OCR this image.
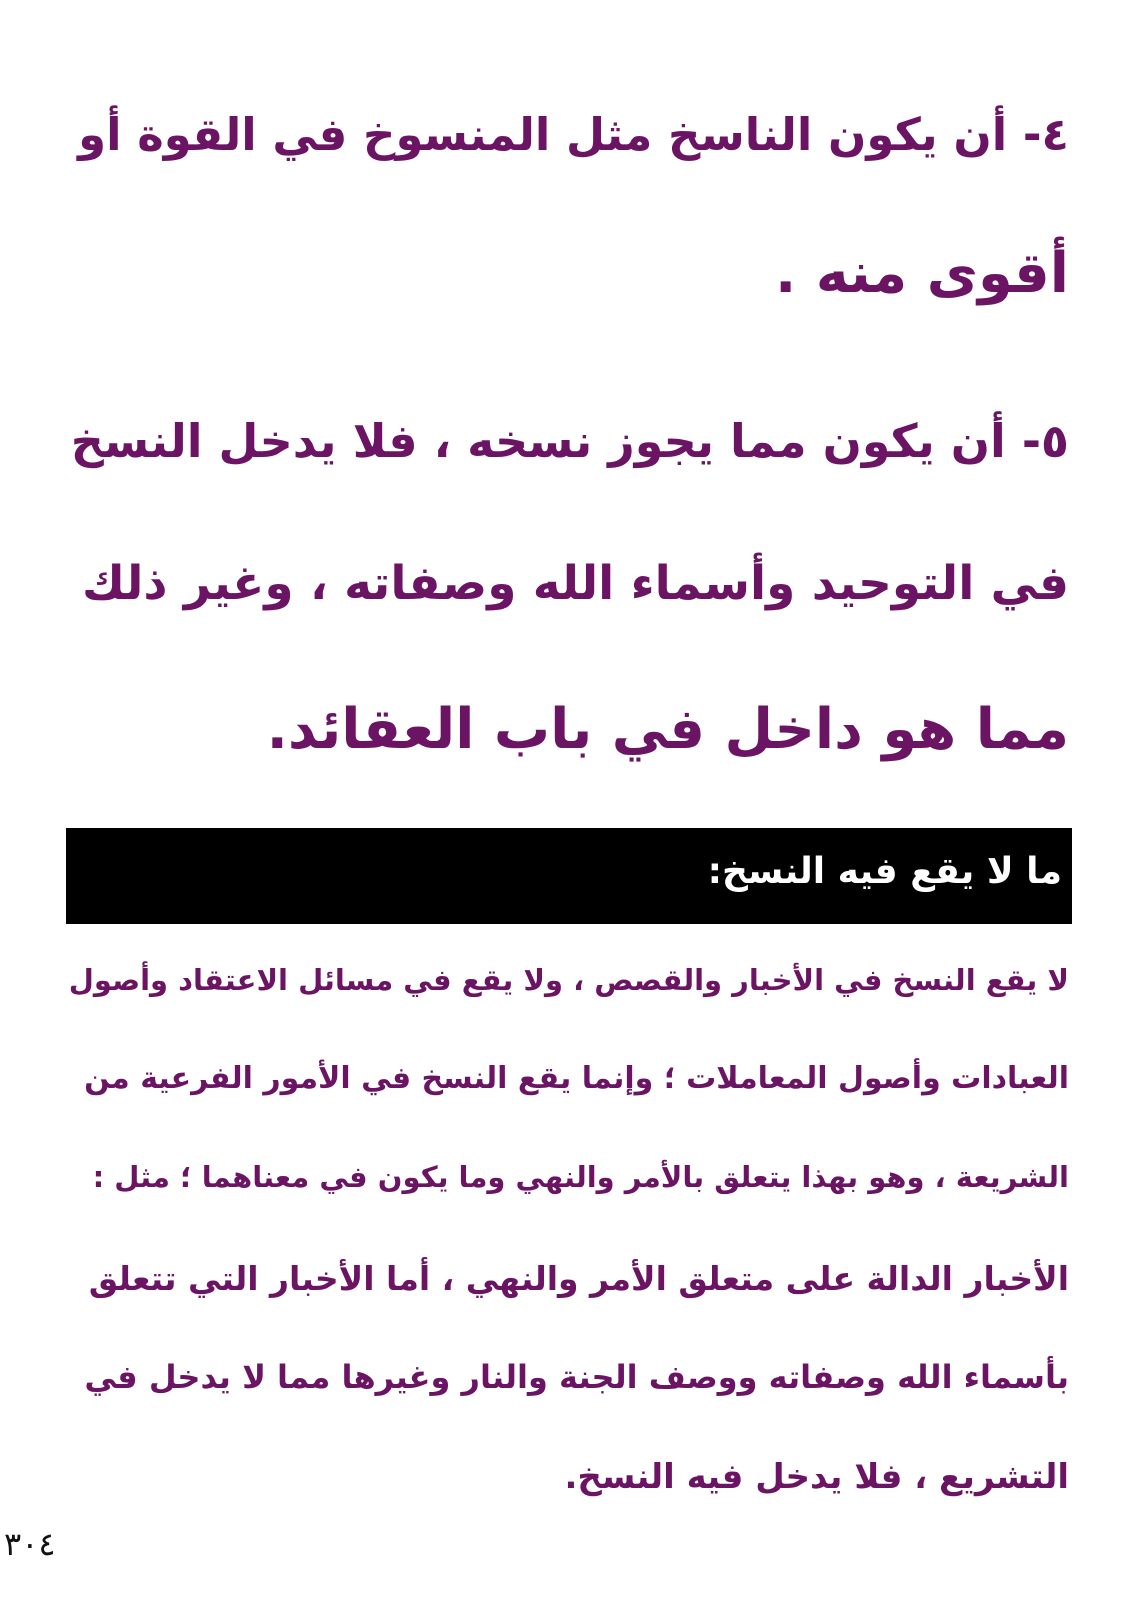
٤- أن يكون الناسخ مثل المنسوخ في القوة أو
أقوى منه .
٥- أن يكون مما يجوز نسخه ، فلا يدخل النسخ
في التوحيد وأسماء الله وصفاته ، وغير ذلك
مما هو داخل في باب العقائد.
ما لا يقع فيه النسخ:
لا يقع النسخ في الأخبار والقصص ، ولا يقع في مسائل الاعتقاد وأصول
العبادات وأصول المعاملات ؛ وإنما يقع النسخ في الأمور الفرعية من
الشريعة ، وهو بهذا يتعلق بالأمر والنهي وما يكون في معناهما ؛ مثل :
الأخبار الدالة على متعلق الأمر والنهي ، أما الأخبار التي تتعلق
بأسماء الله وصفاته ووصف الجنة والنار وغيرها مما لا يدخل في
التشريع ، فلا يدخل فيه النسخ.
٣٠٤
